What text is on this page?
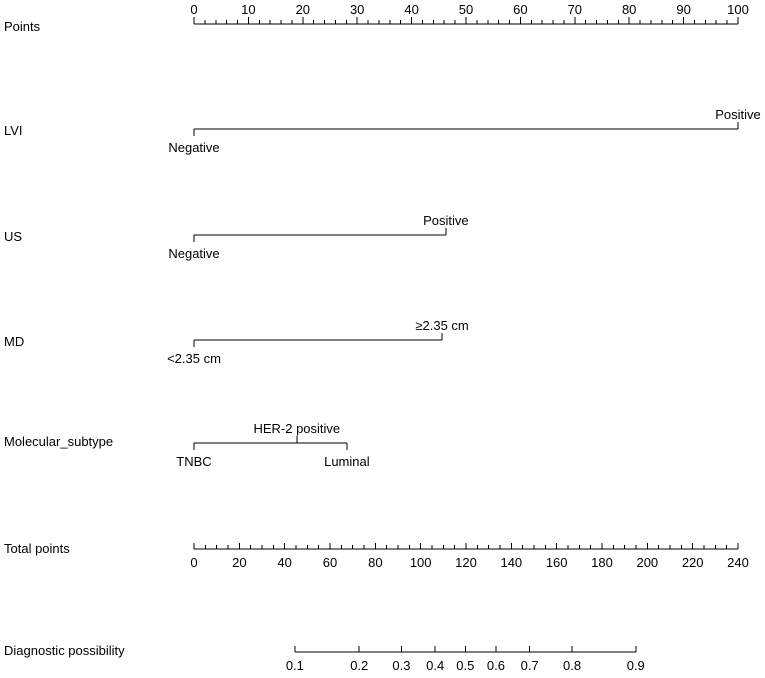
Points
0	10	20	30	40	50	60	70	80	90	100
LVI
Negative
Positive
US
Negative
Positive
MD
<2.35 cm
≥2.35 cm
Molecular_subtype
TNBC
HER-2 positive
Luminal
Total points
0	20 40 60 80 100 120 140 160 180 200 220 240
Diagnostic possibility
0.1	0.2 0.3 0.4 0.5 0.6 0.7 0.8	0.9
